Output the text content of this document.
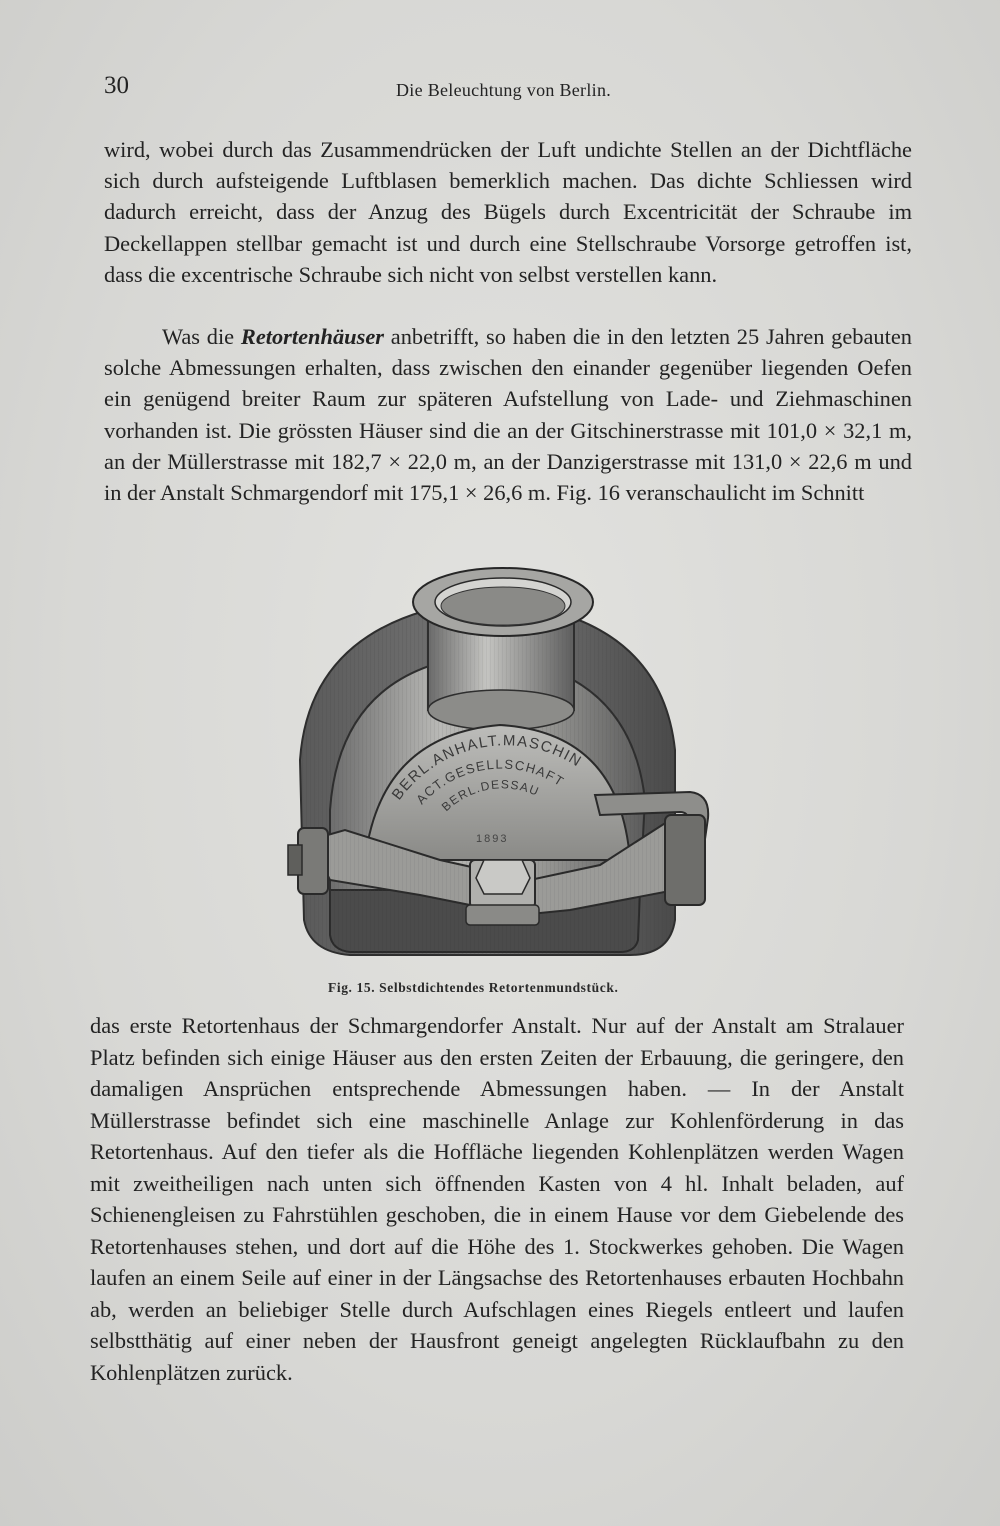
30	Die Beleuchtung von Berlin.

wird, wobei durch das Zusammendrücken der Luft undichte Stellen an der Dichtfläche sich durch aufsteigende Luftblasen bemerklich machen. Das dichte Schliessen wird dadurch erreicht, dass der Anzug des Bügels durch Excentricität der Schraube im Deckellappen stellbar gemacht ist und durch eine Stellschraube Vorsorge getroffen ist, dass die excentrische Schraube sich nicht von selbst verstellen kann.

Was die Retortenhäuser anbetrifft, so haben die in den letzten 25 Jahren gebauten solche Abmessungen erhalten, dass zwischen den einander gegenüber liegenden Oefen ein genügend breiter Raum zur späteren Aufstellung von Lade- und Ziehmaschinen vorhanden ist. Die grössten Häuser sind die an der Gitschinerstrasse mit 101,0 × 32,1 m, an der Müllerstrasse mit 182,7 × 22,0 m, an der Danzigerstrasse mit 131,0 × 22,6 m und in der Anstalt Schmargendorf mit 175,1 × 26,6 m. Fig. 16 veranschaulicht im Schnitt

BERL.ANHALT.MASCHIN
ACT.GESELLSCHAFT
BERL.DESSAU
1893
Fig. 15. Selbstdichtendes Retortenmundstück.

das erste Retortenhaus der Schmargendorfer Anstalt. Nur auf der Anstalt am Stralauer Platz befinden sich einige Häuser aus den ersten Zeiten der Erbauung, die geringere, den damaligen Ansprüchen entsprechende Abmessungen haben. — In der Anstalt Müllerstrasse befindet sich eine maschinelle Anlage zur Kohlenförderung in das Retortenhaus. Auf den tiefer als die Hoffläche liegenden Kohlenplätzen werden Wagen mit zweitheiligen nach unten sich öffnenden Kasten von 4 hl. Inhalt beladen, auf Schienengleisen zu Fahrstühlen geschoben, die in einem Hause vor dem Giebelende des Retortenhauses stehen, und dort auf die Höhe des 1. Stockwerkes gehoben. Die Wagen laufen an einem Seile auf einer in der Längsachse des Retortenhauses erbauten Hochbahn ab, werden an beliebiger Stelle durch Aufschlagen eines Riegels entleert und laufen selbstthätig auf einer neben der Hausfront geneigt angelegten Rücklaufbahn zu den Kohlenplätzen zurück.
